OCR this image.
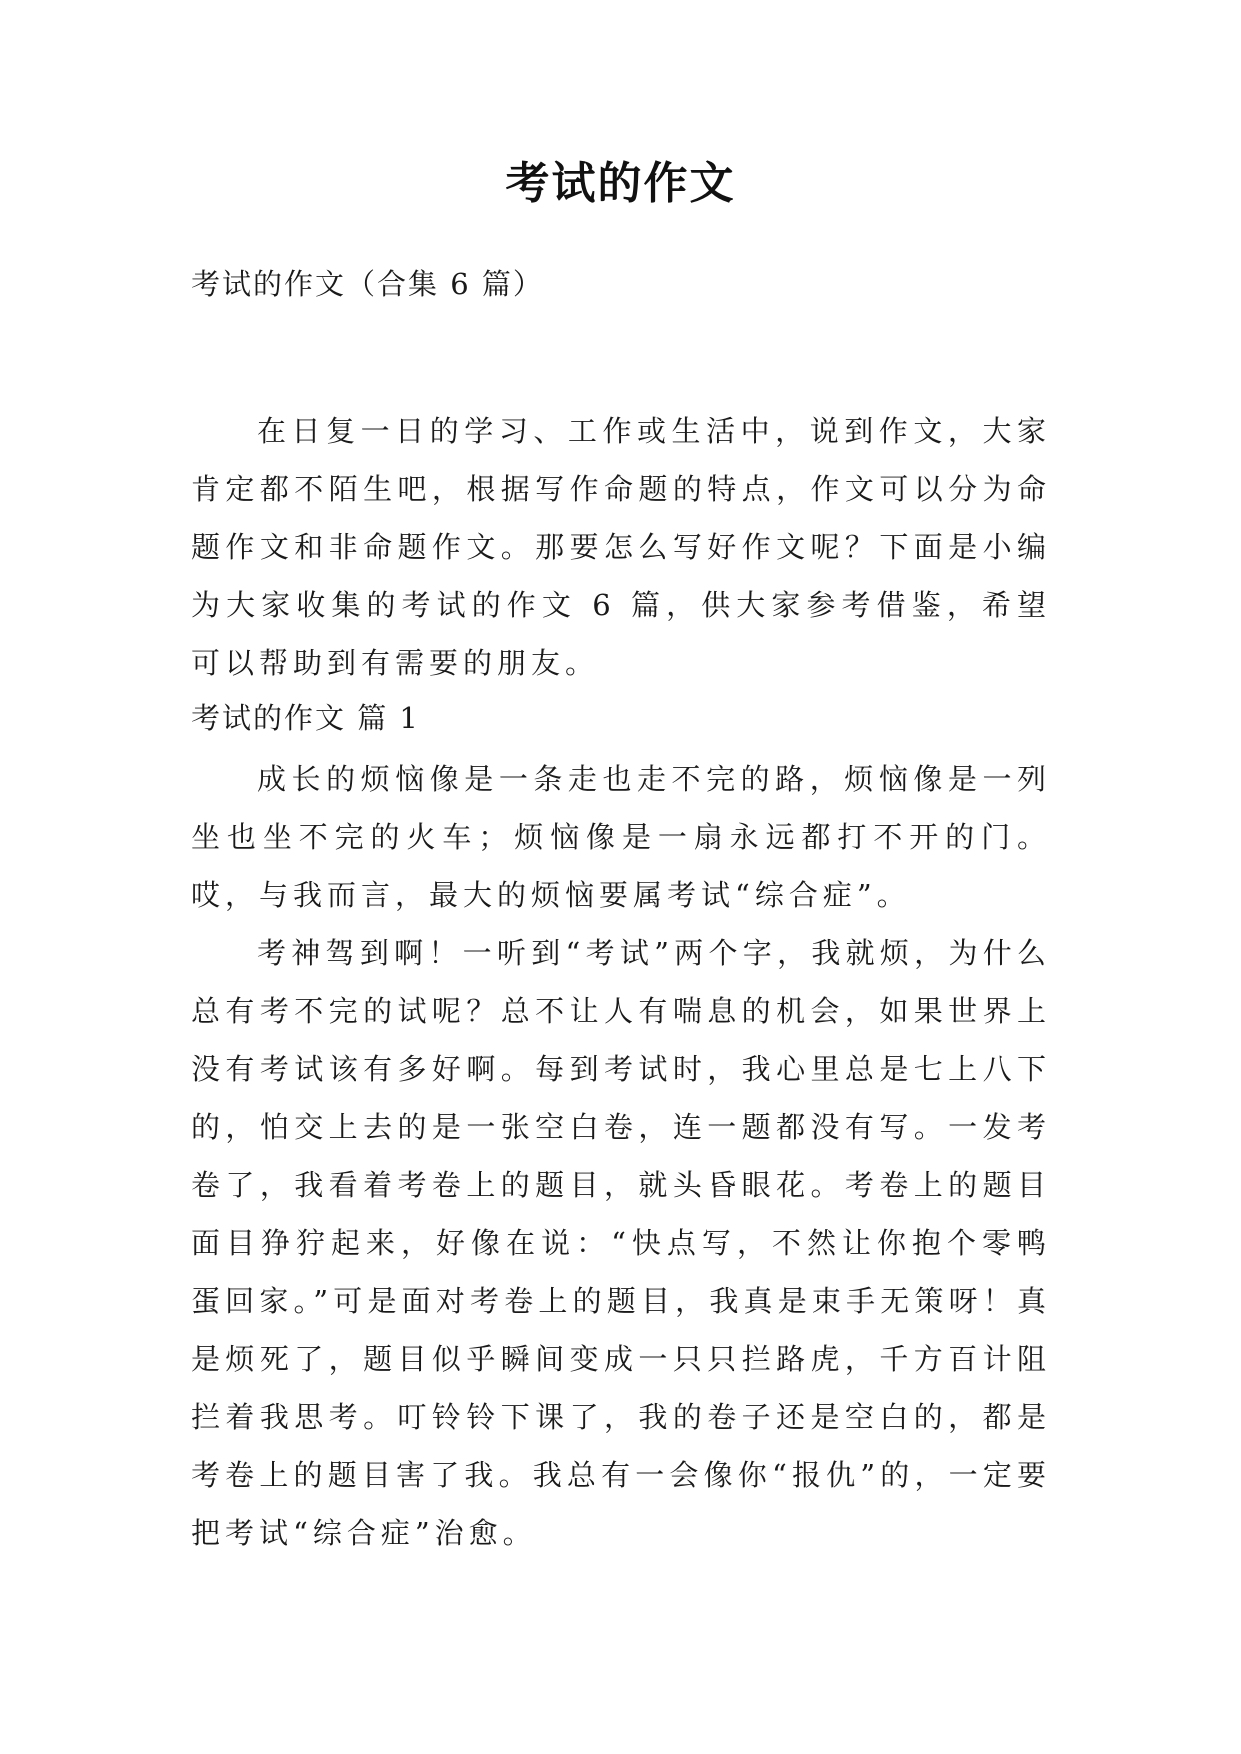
考试的作文
考试的作文（合集 6 篇）

在日复一日的学习、工作或生活中，说到作文，大家肯定都不陌生吧，根据写作命题的特点，作文可以分为命题作文和非命题作文。那要怎么写好作文呢？下面是小编为大家收集的考试的作文 6 篇，供大家参考借鉴，希望可以帮助到有需要的朋友。

考试的作文 篇 1

成长的烦恼像是一条走也走不完的路，烦恼像是一列坐也坐不完的火车；烦恼像是一扇永远都打不开的门。哎，与我而言，最大的烦恼要属考试“综合症”。

考神驾到啊！一听到“考试”两个字，我就烦，为什么总有考不完的试呢？总不让人有喘息的机会，如果世界上没有考试该有多好啊。每到考试时，我心里总是七上八下的，怕交上去的是一张空白卷，连一题都没有写。一发考卷了，我看着考卷上的题目，就头昏眼花。考卷上的题目面目狰狞起来，好像在说：“快点写，不然让你抱个零鸭蛋回家。”可是面对考卷上的题目，我真是束手无策呀！真是烦死了，题目似乎瞬间变成一只只拦路虎，千方百计阻拦着我思考。叮铃铃下课了，我的卷子还是空白的，都是考卷上的题目害了我。我总有一会像你“报仇”的，一定要把考试“综合症”治愈。
